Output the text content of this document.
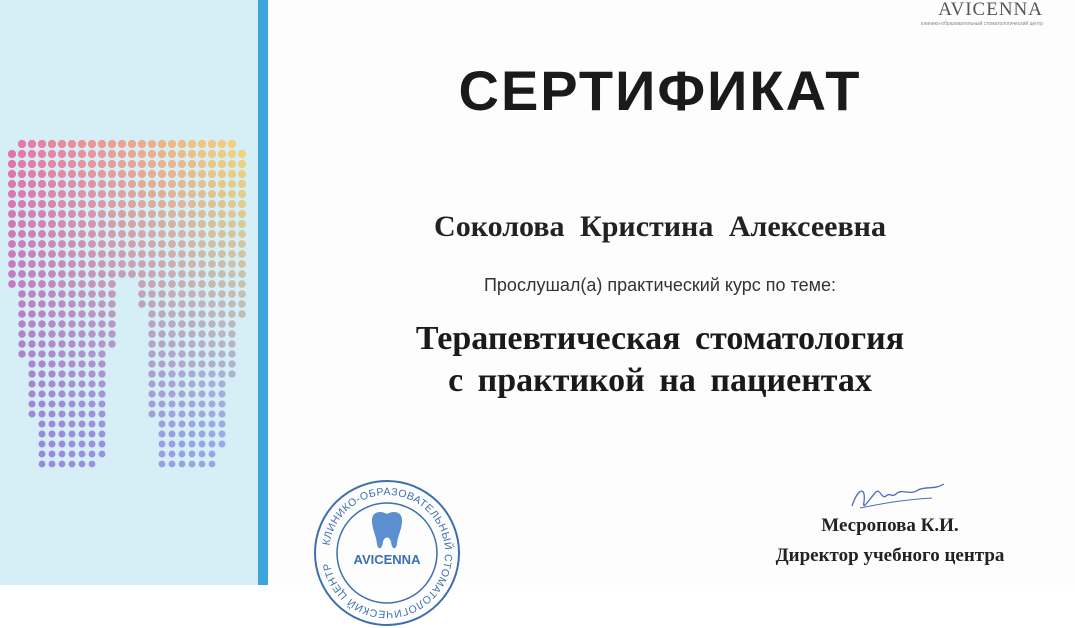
AVICENNA
клинико-образовательный стоматологический центр
СЕРТИФИКАТ
Соколова Кристина Алексеевна
Прослушал(а) практический курс по теме:
Терапевтическая стоматология
с практикой на пациентах
КЛИНИКО-ОБРАЗОВАТЕЛЬНЫЙ СТОМАТОЛОГИЧЕСКИЙ ЦЕНТР	AVICENNA
Месропова К.И.
Директор учебного центра
